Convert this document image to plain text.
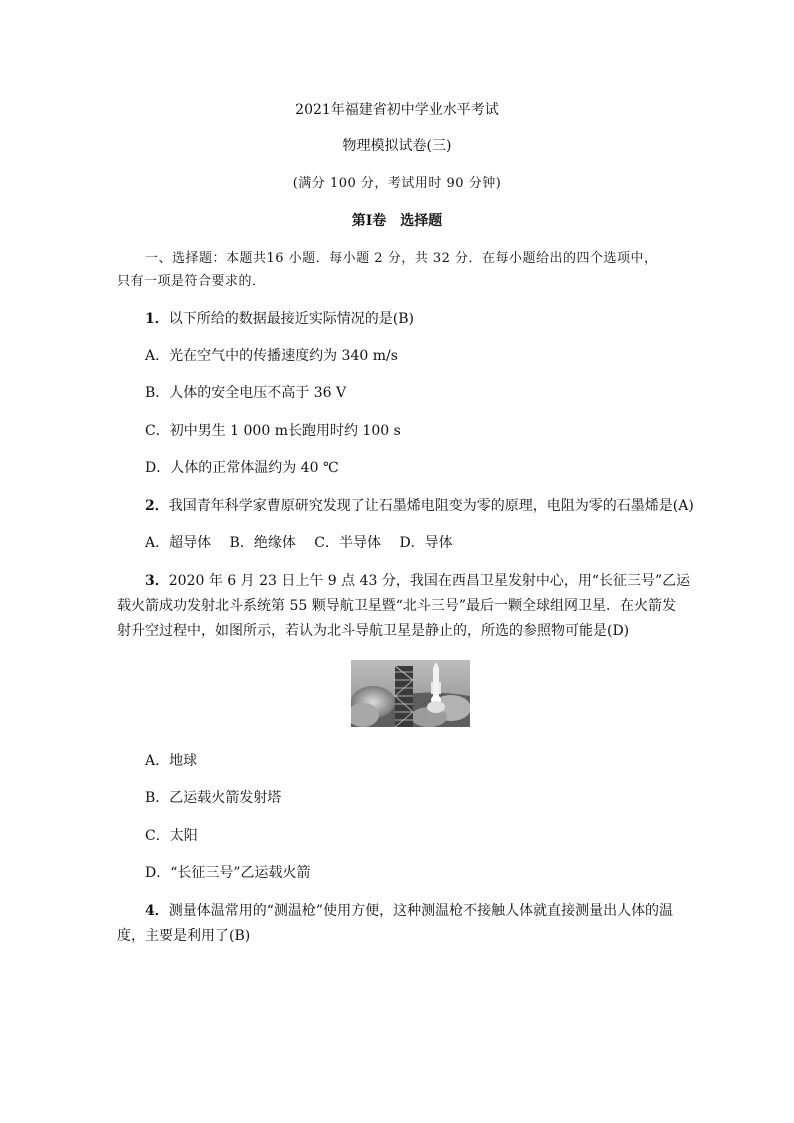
2021年福建省初中学业水平考试
物理模拟试卷(三)
(满分 100 分，考试用时 90 分钟)
第Ⅰ卷　选择题
一、选择题：本题共16 小题．每小题 2 分，共 32 分．在每小题给出的四个选项中，
只有一项是符合要求的．
1．以下所给的数据最接近实际情况的是(B)
A．光在空气中的传播速度约为 340 m/s
B．人体的安全电压不高于 36 V
C．初中男生 1 000 m长跑用时约 100 s
D．人体的正常体温约为 40 ℃
2．我国青年科学家曹原研究发现了让石墨烯电阻变为零的原理，电阻为零的石墨烯是(A)
A．超导体　 B．绝缘体　 C．半导体　 D．导体
3．2020 年 6 月 23 日上午 9 点 43 分，我国在西昌卫星发射中心，用“长征三号”乙运
载火箭成功发射北斗系统第 55 颗导航卫星暨“北斗三号”最后一颗全球组网卫星．在火箭发
射升空过程中，如图所示，若认为北斗导航卫星是静止的，所选的参照物可能是(D)
A．地球
B．乙运载火箭发射塔
C．太阳
D．“长征三号”乙运载火箭
4．测量体温常用的“测温枪”使用方便，这种测温枪不接触人体就直接测量出人体的温
度，主要是利用了(B)
